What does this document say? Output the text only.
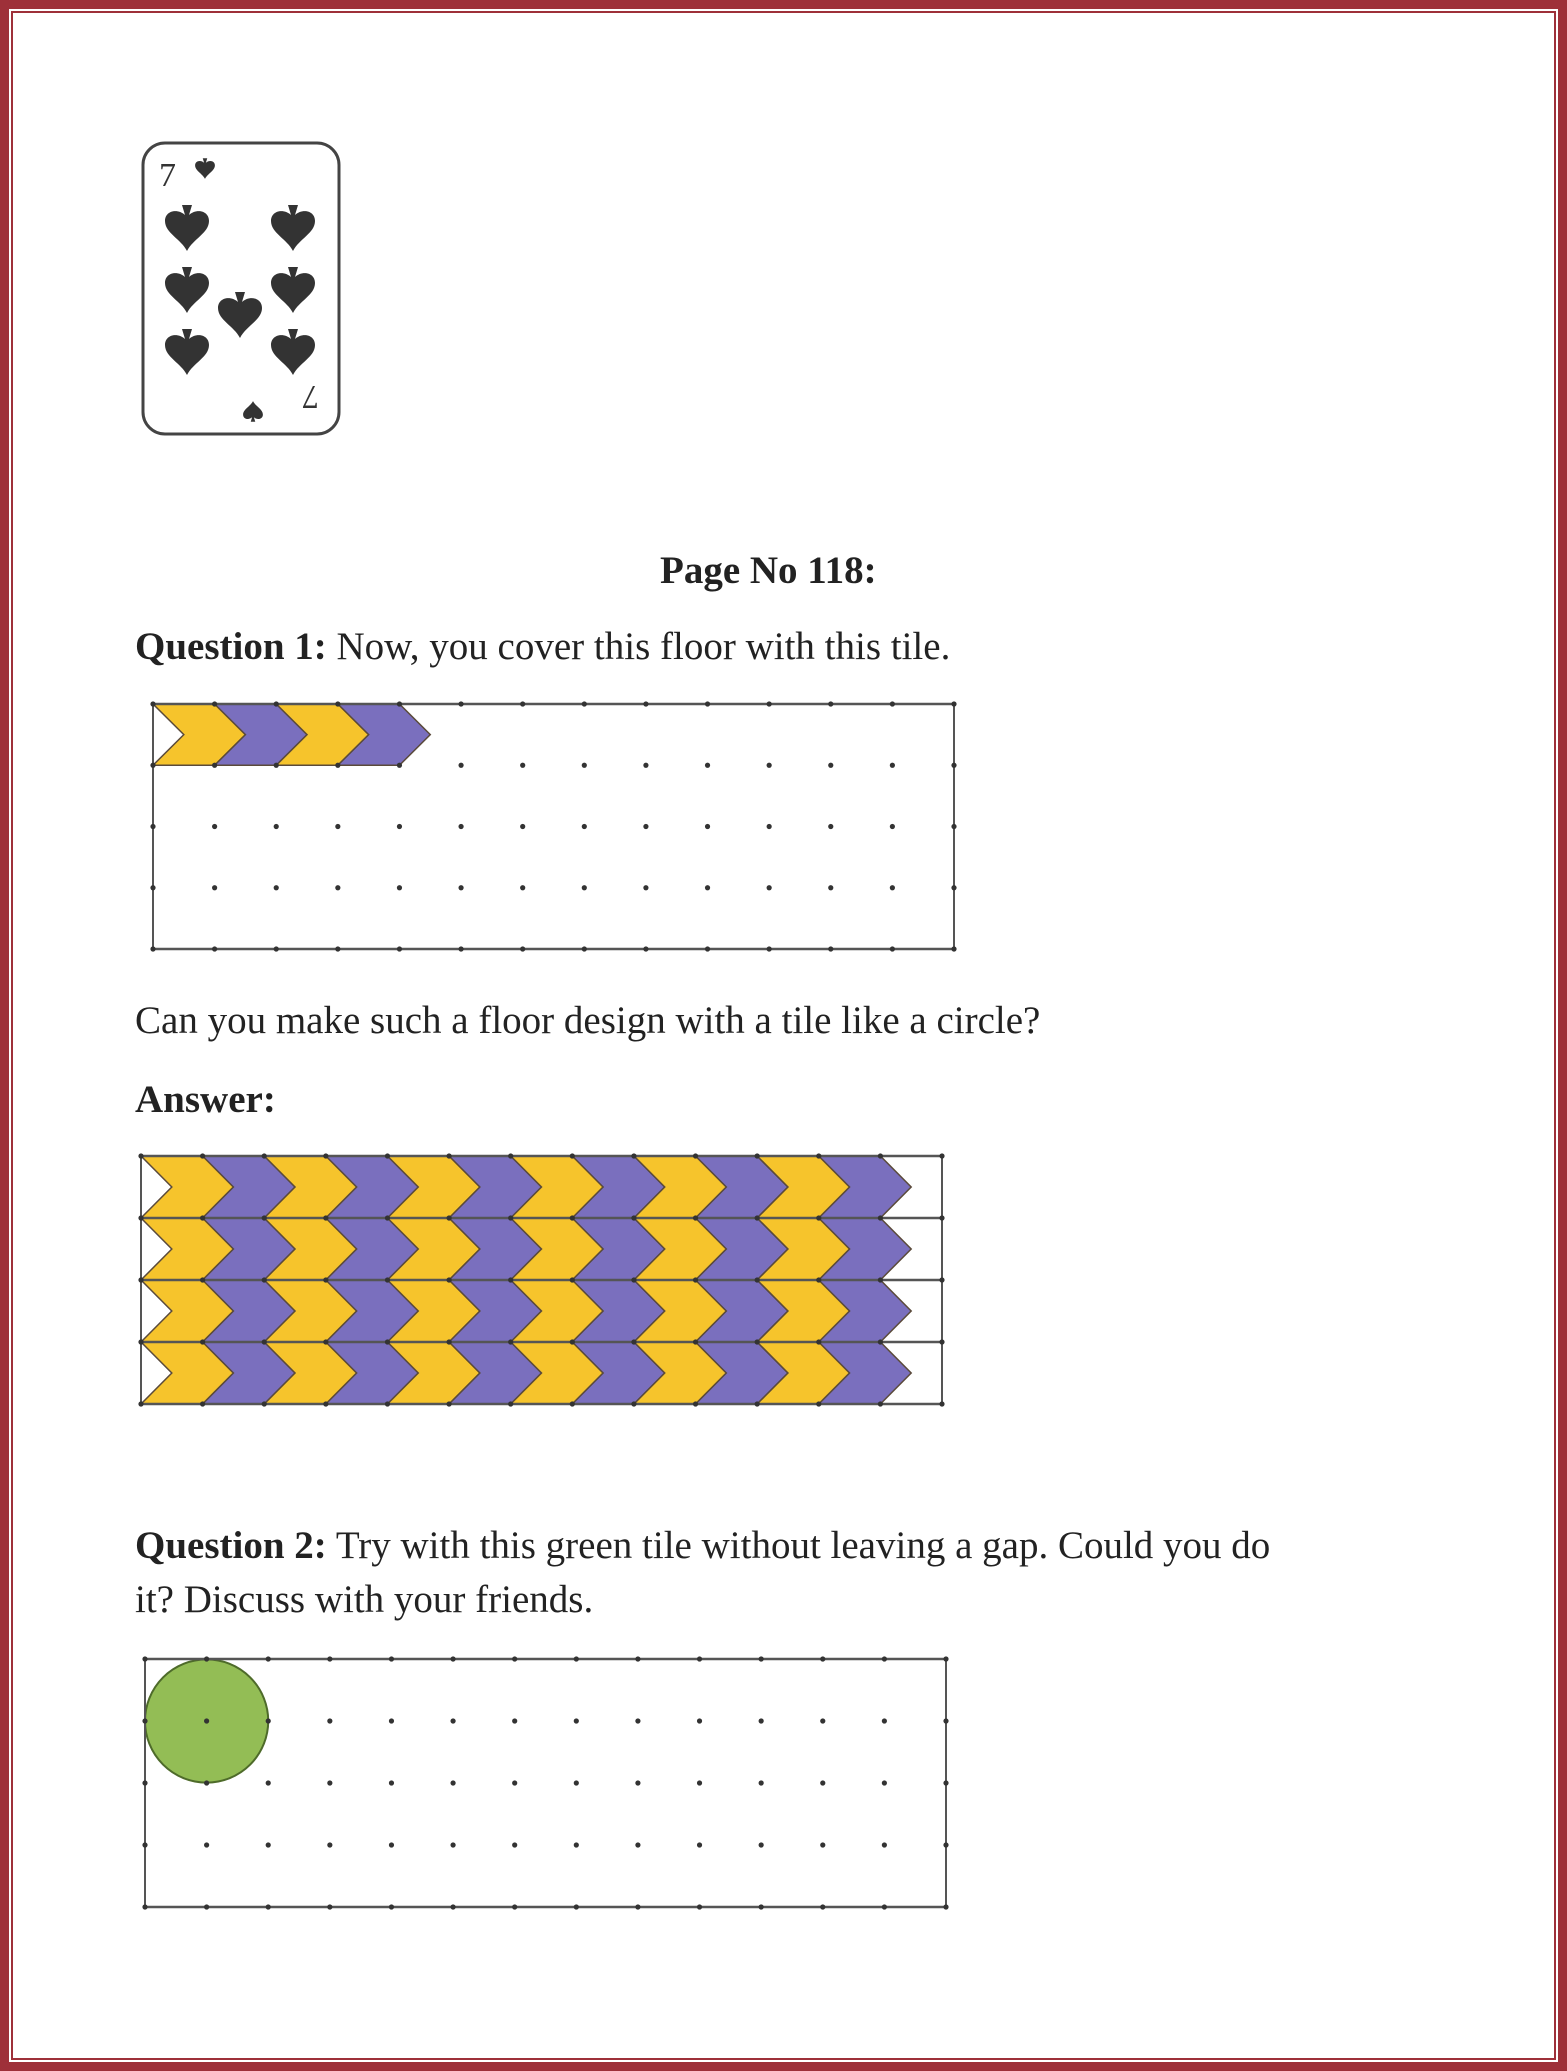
7
7
Page No 118:
Question 1: Now, you cover this floor with this tile.
Can you make such a floor design with a tile like a circle?
Answer:
Question 2: Try with this green tile without leaving a gap. Could you do
it? Discuss with your friends.
